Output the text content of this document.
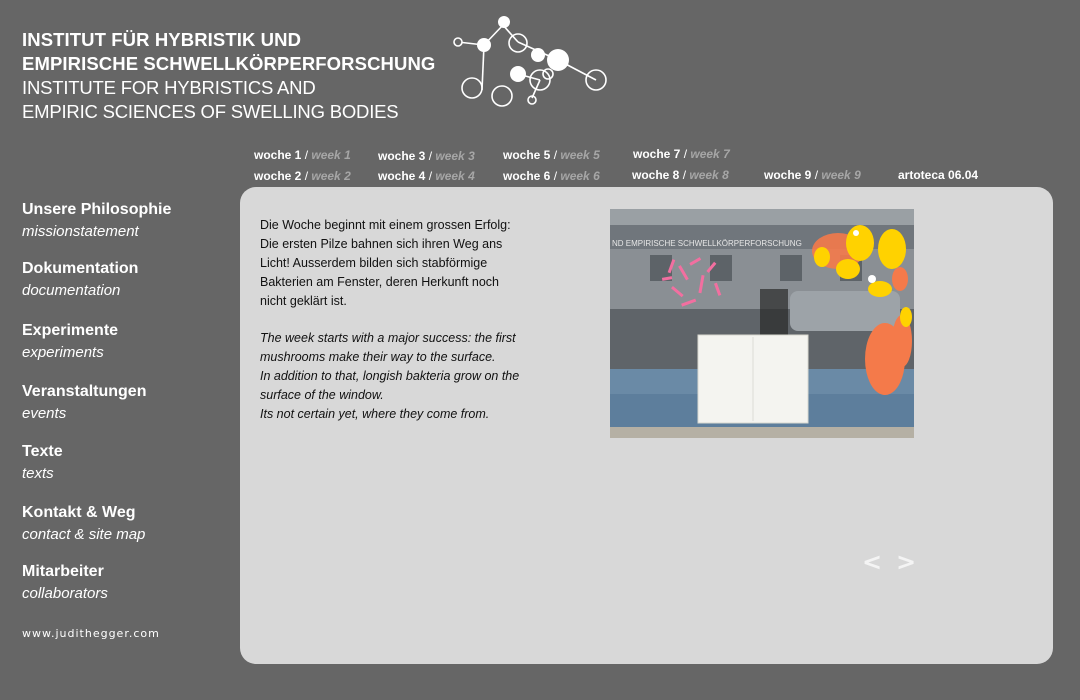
INSTITUT FÜR HYBRISTIK UND
EMPIRISCHE SCHWELLKÖRPERFORSCHUNG
INSTITUTE FOR HYBRISTICS AND
EMPIRIC SCIENCES OF SWELLING BODIES
woche 1 / week 1
woche 2 / week 2
woche 3 / week 3
woche 4 / week 4
woche 5 / week 5
woche 6 / week 6
woche 7 / week 7
woche 8 / week 8	woche 9 / week 9	artoteca 06.04
Unsere Philosophie
missionstatement
Dokumentation
documentation
Experimente
experiments
Veranstaltungen
events
Texte
texts
Kontakt & Weg
contact & site map
Mitarbeiter
collaborators
www.judithegger.com
Die Woche beginnt mit einem grossen Erfolg:
Die ersten Pilze bahnen sich ihren Weg ans
Licht! Ausserdem bilden sich stabförmige
Bakterien am Fenster, deren Herkunft noch
nicht geklärt ist.
The week starts with a major success: the first
mushrooms make their way to the surface.
In addition to that, longish bakteria grow on the
surface of the window.
Its not certain yet, where they come from.
ND EMPIRISCHE SCHWELLKÖRPERFORSCHUNG
< >
